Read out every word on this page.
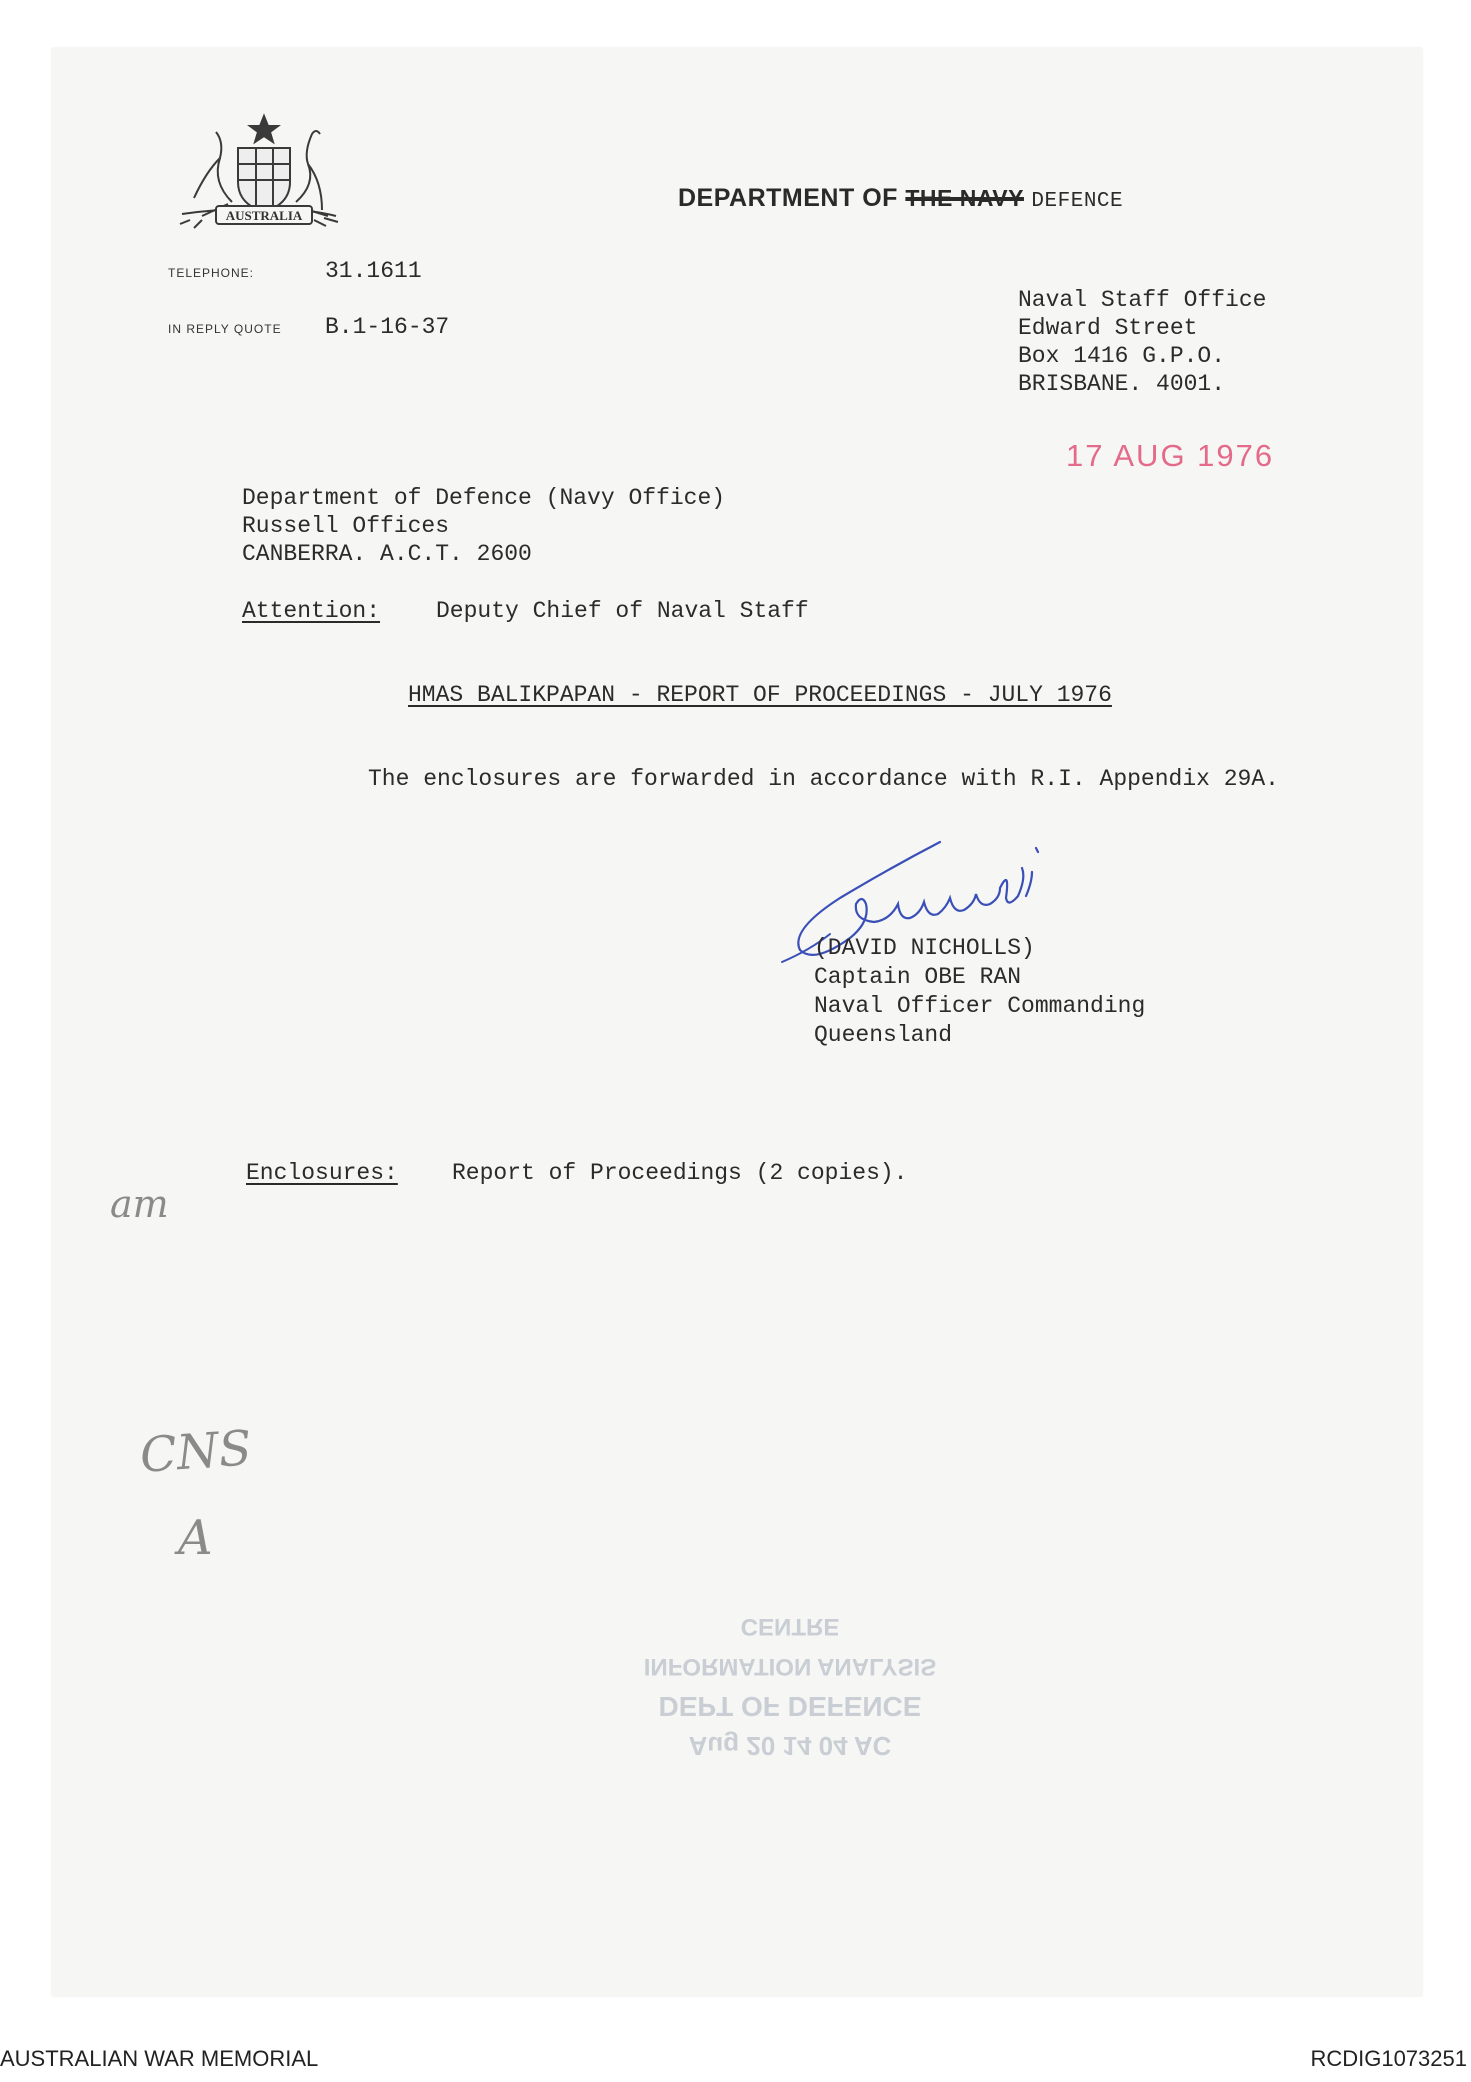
AUSTRALIA
DEPARTMENT OF THE NAVY DEFENCE
TELEPHONE:	31.1611
IN REPLY QUOTE B.1-16-37
Naval Staff Office
Edward Street
Box 1416 G.P.O.
BRISBANE. 4001.
17 AUG 1976
Department of Defence (Navy Office)
Russell Offices
CANBERRA. A.C.T. 2600
Attention: Deputy Chief of Naval Staff
HMAS BALIKPAPAN - REPORT OF PROCEEDINGS - JULY 1976
The enclosures are forwarded in accordance with R.I. Appendix 29A.
(DAVID NICHOLLS)
Captain OBE RAN
Naval Officer Commanding
Queensland
Enclosures: Report of Proceedings (2 copies).
am
CNS
A
Aug 20 14 04 AC
DEPT OF DEFENCE
INFORMATION ANALYSIS
CENTRE
AUSTRALIAN WAR MEMORIAL	RCDIG1073251
